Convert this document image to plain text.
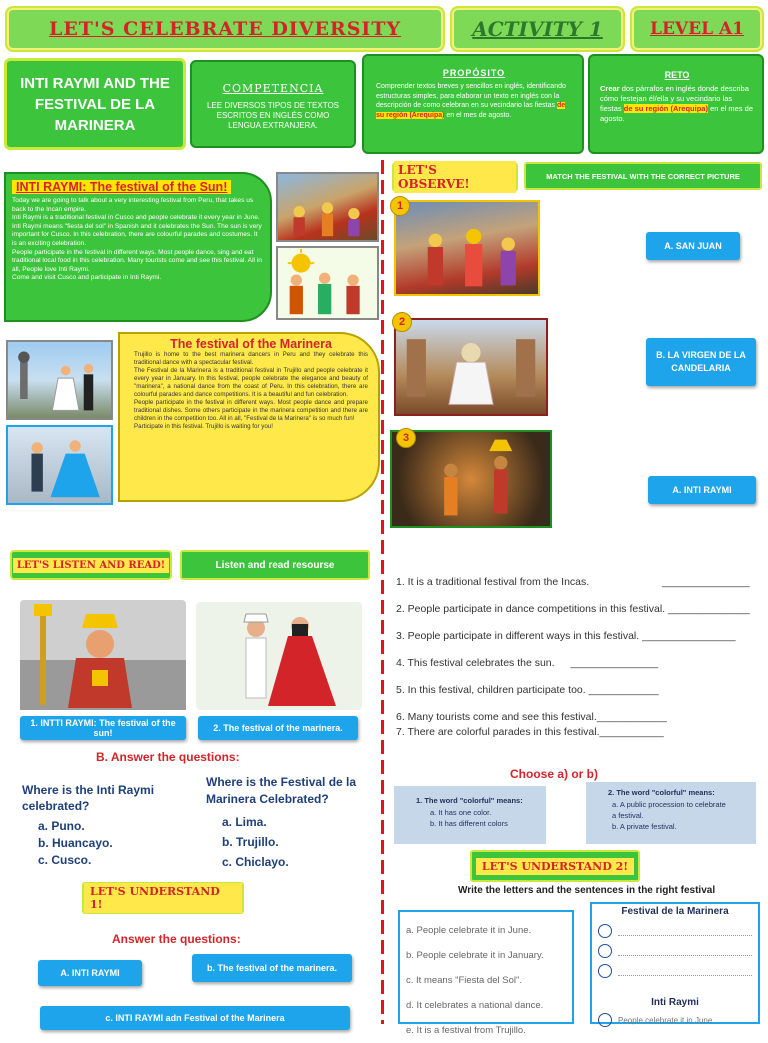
LET'S CELEBRATE DIVERSITY	ACTIVITY 1	LEVEL A1
INTI RAYMI AND THE FESTIVAL DE LA MARINERA
COMPETENCIA
LEE DIVERSOS TIPOS DE TEXTOS ESCRITOS EN INGLÉS COMO LENGUA EXTRANJERA.
PROPÓSITO
Comprender textos breves y sencillos en inglés, identificando estructuras simples, para elaborar un texto en inglés con la descripción de como celebran en su vecindario las fiestas de su región (Arequipa) en el mes de agosto.
RETO
Crear dos párrafos en inglés donde describa cómo festejan él/ella y su vecindario las fiestas de su región (Arequipa) en el mes de agosto.
INTI RAYMI: The festival of the Sun!
Today we are going to talk about a very interesting festival from Peru, that takes us back to the Incan empire.
Inti Raymi is a traditional festival in Cusco and people celebrate it every year in June. Inti Raymi means "fiesta del sol" in Spanish and it celebrates the Sun. The sun is very important for Cusco. In this celebration, there are colourful parades and costumes. It is an exciting celebration.
People participate in the festival in different ways. Most people dance, sing and eat traditional local food in this celebration. Many tourists come and see this festival. All in all, People love Inti Raymi.
Come and visit Cusco and participate in Inti Raymi.
The festival of the Marinera
Trujillo is home to the best marinera dancers in Peru and they celebrate this traditional dance with a spectacular festival.
The Festival de la Marinera is a traditional festival in Trujillo and people celebrate it every year in January. In this festival, people celebrate the elegance and beauty of "marinera", a national dance from the coast of Peru. In this celebration, there are colourful parades and dance competitions. It is a beautiful and fun celebration.
People participate in the festival in different ways. Most people dance and prepare traditional dishes. Some others participate in the marinera competition and there are children in the competition too. All in all, "Festival de la Marinera" is so much fun!
Participate in this festival. Trujillo is waiting for you!
LET'S OBSERVE!
MATCH THE FESTIVAL WITH THE CORRECT PICTURE
1
2
3
A. SAN JUAN
B. LA VIRGEN DE LA CANDELARIA
A. INTI RAYMI
LET'S LISTEN AND READ!	Listen and read resourse
1. INTTI RAYMI: The festival of the sun!	2. The festival of the marinera.
B. Answer the questions:
Where is the Inti Raymi celebrated?
a. Puno.
b. Huancayo.
c. Cusco.
Where is the Festival de la Marinera Celebrated?
a. Lima.
b. Trujillo.
c. Chiclayo.
LET'S UNDERSTAND 1!
Answer the questions:
A. INTI RAYMI	b. The festival of the marinera.
c. INTI RAYMI adn Festival of the Marinera
1. It is a traditional festival from the Incas.	_______________
2. People participate in dance competitions in this festival. ______________
3. People participate in different ways in this festival. ________________
4. This festival celebrates the sun. _______________
5. In this festival, children participate too. ____________
6. Many tourists come and see this festival.____________
7. There are colorful parades in this festival.___________
Choose a) or b)
1. The word "colorful" means:
a. It has one color.
b. It has different colors
2. The word "colorful" means:
a. A public procession to celebrate a festival.
b. A private festival.
LET'S UNDERSTAND 2!
Write the letters and the sentences in the right festival
a. People celebrate it in June.
b. People celebrate it in January.
c. It means "Fiesta del Sol".
d. It celebrates a national dance.
e. It is a festival from Trujillo.
Festival de la Marinera
Inti Raymi
People celebrate it in June.
